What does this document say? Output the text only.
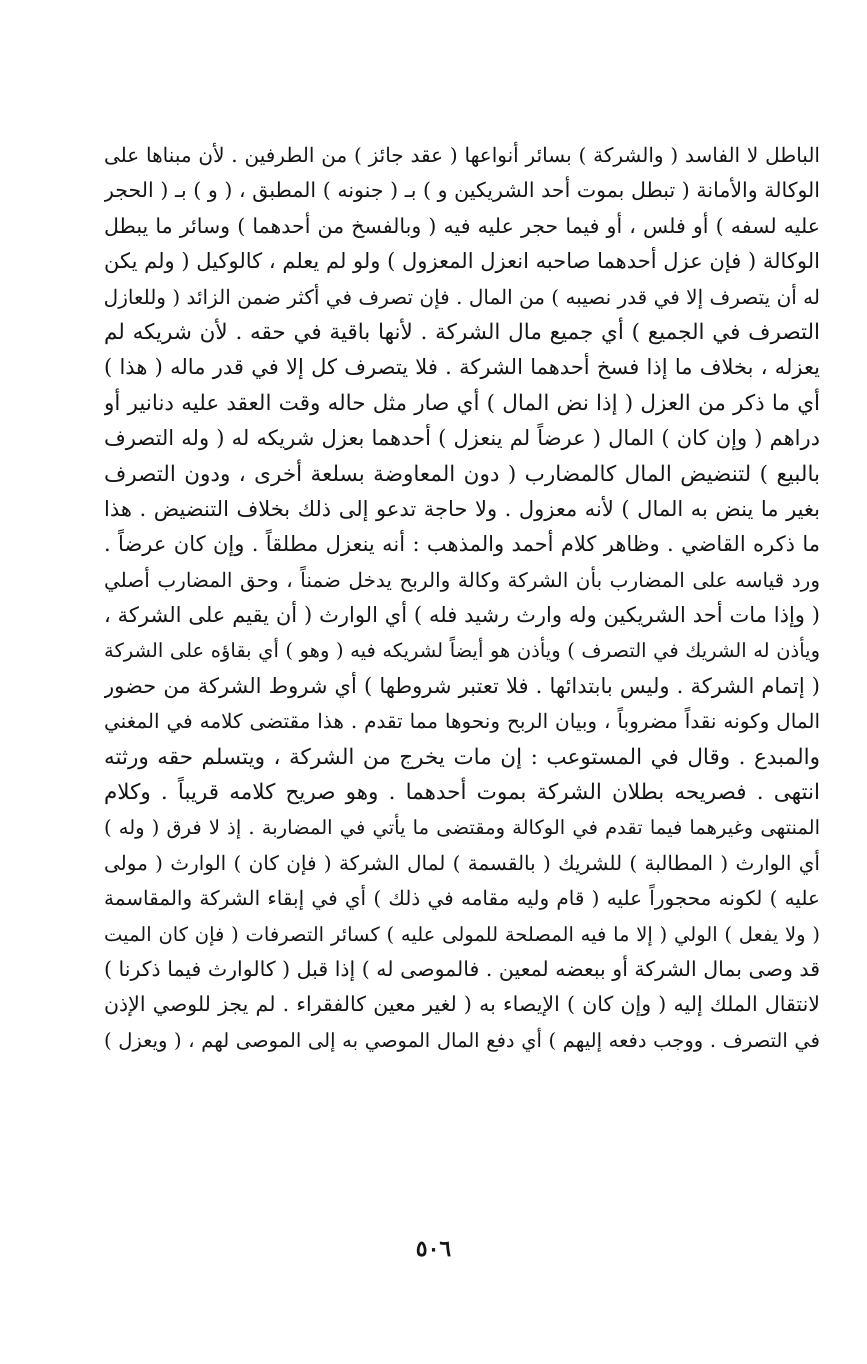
الباطل لا الفاسد ( والشركة ) بسائر أنواعها ( عقد جائز ) من الطرفين . لأن مبناها على
الوكالة والأمانة ( تبطل بموت أحد الشريكين و ) بـ ( جنونه ) المطبق ، ( و ) بـ ( الحجر
عليه لسفه ) أو فلس ، أو فيما حجر عليه فيه ( وبالفسخ من أحدهما ) وسائر ما يبطل
الوكالة ( فإن عزل أحدهما صاحبه انعزل المعزول ) ولو لم يعلم ، كالوكيل ( ولم يكن
له أن يتصرف إلا في قدر نصيبه ) من المال . فإن تصرف في أكثر ضمن الزائد ( وللعازل
التصرف في الجميع ) أي جميع مال الشركة . لأنها باقية في حقه . لأن شريكه لم
يعزله ، بخلاف ما إذا فسخ أحدهما الشركة . فلا يتصرف كل إلا في قدر ماله ( هذا )
أي ما ذكر من العزل ( إذا نض المال ) أي صار مثل حاله وقت العقد عليه دنانير أو
دراهم ( وإن كان ) المال ( عرضاً لم ينعزل ) أحدهما بعزل شريكه له ( وله التصرف
بالبيع ) لتنضيض المال كالمضارب ( دون المعاوضة بسلعة أخرى ، ودون التصرف
بغير ما ينض به المال ) لأنه معزول . ولا حاجة تدعو إلى ذلك بخلاف التنضيض . هذا
ما ذكره القاضي . وظاهر كلام أحمد والمذهب : أنه ينعزل مطلقاً . وإن كان عرضاً .
ورد قياسه على المضارب بأن الشركة وكالة والربح يدخل ضمناً ، وحق المضارب أصلي
( وإذا مات أحد الشريكين وله وارث رشيد فله ) أي الوارث ( أن يقيم على الشركة ،
ويأذن له الشريك في التصرف ) ويأذن هو أيضاً لشريكه فيه ( وهو ) أي بقاؤه على الشركة
( إتمام الشركة . وليس بابتدائها . فلا تعتبر شروطها ) أي شروط الشركة من حضور
المال وكونه نقداً مضروباً ، وبيان الربح ونحوها مما تقدم . هذا مقتضى كلامه في المغني
والمبدع . وقال في المستوعب : إن مات يخرج من الشركة ، ويتسلم حقه ورثته
انتهى . فصريحه بطلان الشركة بموت أحدهما . وهو صريح كلامه قريباً . وكلام
المنتهى وغيرهما فيما تقدم في الوكالة ومقتضى ما يأتي في المضاربة . إذ لا فرق ( وله )
أي الوارث ( المطالبة ) للشريك ( بالقسمة ) لمال الشركة ( فإن كان ) الوارث ( مولى
عليه ) لكونه محجوراً عليه ( قام وليه مقامه في ذلك ) أي في إبقاء الشركة والمقاسمة
( ولا يفعل ) الولي ( إلا ما فيه المصلحة للمولى عليه ) كسائر التصرفات ( فإن كان الميت
قد وصى بمال الشركة أو ببعضه لمعين . فالموصى له ) إذا قبل ( كالوارث فيما ذكرنا )
لانتقال الملك إليه ( وإن كان ) الإيصاء به ( لغير معين كالفقراء . لم يجز للوصي الإذن
في التصرف . ووجب دفعه إليهم ) أي دفع المال الموصي به إلى الموصى لهم ، ( ويعزل )
٥٠٦
